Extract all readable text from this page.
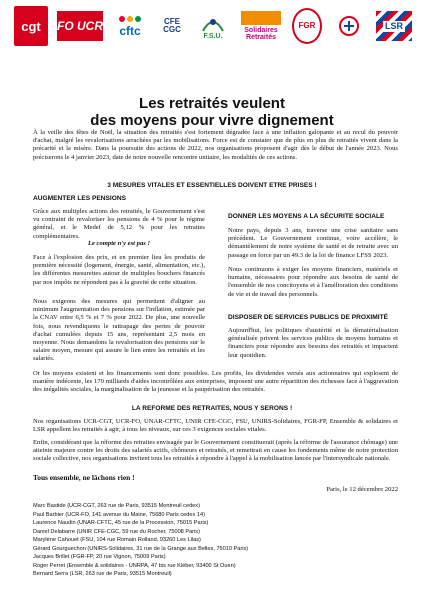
cgt FO UCR cftc
CFE CGC
F.S.U.
Solidaires Retraités
FGR	LSR
Les retraités veulent
des moyens pour vivre dignement

À la veille des fêtes de Noël, la situation des retraités s'est fortement dégradée face à une inflation galopante et au recul du pouvoir d'achat, malgré les revalorisations arrachées par les mobilisations. Force est de constater que de plus en plus de retraités vivent dans la précarité et la misère. Dans la poursuite des actions de 2022, nos organisations proposent d'agir dès le début de l'année 2023. Nous préciserons le 4 janvier 2023, date de notre nouvelle rencontre unitaire, les modalités de ces actions.

3 MESURES VITALES ET ESSENTIELLES DOIVENT ETRE PRISES !
AUGMENTER LES PENSIONS

Grâce aux multiples actions des retraités, le Gouvernement s'est vu contraint de revaloriser les pensions de 4 % pour le régime général, et le Medef de 5,12 % pour les retraites complémentaires.

Le compte n'y est pas !

Face à l'explosion des prix, et en premier lieu les produits de première nécessité (logement, énergie, santé, alimentation, etc.), les différentes mesurettes autour de multiples bouchers financés par nos impôts ne répondent pas à la gravité de cette situation.

Nous exigeons des mesures qui permettent d'aligner au minimum l'augmentation des pensions sur l'inflation, estimée par la CNAV entre 6,5 % et 7 % pour 2022. De plus, une nouvelle fois, nous revendiquons le rattrapage des pertes de pouvoir d'achat cumulées depuis 15 ans, représentant 2,5 mois en moyenne. Nous demandons la revalorisation des pensions sur le salaire moyen, mesure qui assure le lien entre les retraités et les salariés.

DONNER LES MOYENS A LA SÉCURITE SOCIALE

Notre pays, depuis 3 ans, traverse une crise sanitaire sans précédent. Le Gouvernement continue, voire accélère, le démantèlement de notre système de santé et de retraite avec un passage en force par un 49.3 de la loi de finance LFSS 2023.

Nous continuons à exiger les moyens financiers, matériels et humains, nécessaires pour répondre aux besoins de santé de l'ensemble de nos concitoyens et à l'amélioration des conditions de vie et de travail des personnels.

DISPOSER DE SERVICES PUBLICS DE PROXIMITÉ

Aujourd'hui, les politiques d'austérité et la dématérialisation généralisée privent les services publics de moyens humains et financiers pour répondre aux besoins des retraités et impactent leur quotidien.

Or les moyens existent et les financements sont donc possibles. Les profits, les dividendes versés aux actionnaires qui explosent de manière indécente, les 170 milliards d'aides incontrôlées aux entreprises, imposent une autre répartition des richesses face à l'aggravation des inégalités sociales, la marginalisation de la jeunesse et la paupérisation des retraités.

LA REFORME DES RETRAITES, NOUS Y SERONS !

Nos organisations UCR-CGT, UCR-FO, UNAR-CFTC, UNIR CFE-CGC, FSU, UNIRS-Solidaires, FGR-FP, Ensemble & solidaires et LSR appellent les retraités à agir, à tous les niveaux, sur ces 3 exigences sociales vitales.

Enfin, considérant que la réforme des retraites envisagée par le Gouvernement constituerait (après la réforme de l'assurance chômage) une atteinte majeure contre les droits des salariés actifs, chômeurs et retraités, et remettrait en cause les fondements même de notre protection sociale collective, nos organisations invitent tous les retraités à répondre à l'appel à la mobilisation lancée par l'intersyndicale nationale.

Tous ensemble, ne lâchons rien !
Paris, le 12 décembre 2022
Marc Bastide (UCR-CGT, 263 rue de Paris, 93515 Montreuil cedex)
Paul Barbier (UCR-FO, 141 avenue du Maine, 75680 Paris cedex 14)
Laurence Naudin (UNAR-CFTC, 45 rue de la Procession, 75015 Paris)
Daniel Delabarre (UNIR CFE-CGC, 59 rue du Rocher, 75008 Paris)
Marylène Cahouet (FSU, 104 rue Romain Rolland, 93260 Les Lilas)
Gérard Gourguechon (UNIRS-Solidaires, 31 rue de la Grange aux Belles, 75010 Paris)
Jacques Brillet (FGR-FP, 20 rue Vignon, 75009 Paris)
Roger Perret (Ensemble & solidaires - UNRPA, 47 bis rue Kléber, 93400 St Ouen)
Bernard Serra (LSR, 263 rue de Paris, 93515 Montreuil)
